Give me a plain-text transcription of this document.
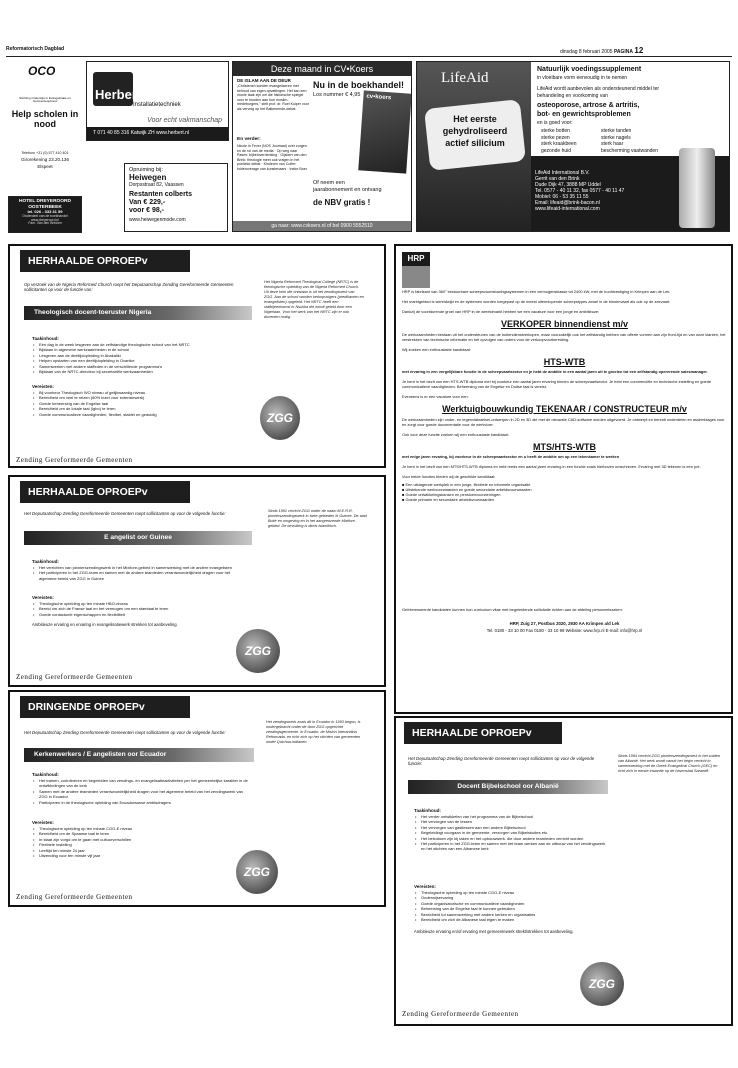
Reformatorisch Dagblad	dinsdag 8 februari 2005 PAGINA 12
OCO
Stichting Onderwijs in Evangelisatie en Gemeenteopbouw
Help scholen in nood
Telefoon +31 (0) 577 410 401
Girorekening 23.20.136
Elspeet
HOTEL DREYEROORD
OOSTERBEEK
tel. 026 - 333 31 59
Onderdeel van de boekhandel
www.dreyeroord.nl
Fam. Van den Brinken
Herbert
Installatietechniek
Voor echt vakmanschap
T 071 40 85 316 Katwijk ZH www.herbert.nl
Opruiming bij:
Heiwegen
Dorpsstraat 82, Vaassen
Restanten colberts
Van € 229,-
voor € 98,-
www.heiwegenmode.com
Deze maand in CV•Koers
DE ISLAM AAN DE DEUR
„Christenen konden evangeliseren met behoud van eigen opvattingen. Het kan een mooie taak zijn om die historische spiegel voor te houden aan hun moslim-medeburgers," stelt prof. dr. Roel Kuiper voor als vervolg op het Balkenende-debat.
En verder:
Nicole in Fever (NOS Journaal) over zorgen en de rol van de media · Op weg naar Pasen: bijbeloverdenking · Gijsbert van den Brink: theologie meet ook vragen in het publieke debat · Kinderen van Cuifer: folderoverage van kunstenaars · Ineke Boer
Nu in de boekhandel!
Los nummer € 4,95 cv•koers
Of neem een
jaarabonnement en ontvang
de NBV gratis !
ga naar: www.cvkoers.nl of bel 0900 5552510
LifeAid
Het eerste
gehydroliseerd
actief silicium
Natuurlijk voedingssupplement
in vloeibare vorm eenvoudig in te nemen
LifeAid wordt aanbevolen als ondersteunend middel ter
behandeling en voorkoming van
osteoporose, artrose & artritis,
bot- en gewrichtsproblemen
en is goed voor:
sterke botten	sterke tanden
sterke pezen	sterke nagels
sterk kraakbeen	sterk haar
gezonde huid	bescherming vaatwanden
LifeAid International B.V.
Gerrit van den Brink
Dude Dijk 47, 3888 MP Uddel
Tel. 0577 - 40 11 32, fax 0577 - 40 11 47
Mobiel: 06 - 53 35 11 55
Email: lifeaid@brink-bacon.nl
www.lifeaid-international.com
HRP

HRP is fabrikant van 360° bestuurbare scheepsvoortstuwingssystemen in een vermogensklasse tot 2400 kW, met de hoofdvestiging in Krimpen aan de Lek.

Het marktgebied is wereldwijd en de systemen worden toegepast op de meest uiteenlopende scheepstypes zowel in de binnenvaart als ook op de zeevaart.

Dankzij de voortdurende groei van HRP in de wereldmarkt hebben we een vacature voor een jonge en ambitieuze:

VERKOPER binnendienst m/v

De werkzaamheden bestaan uit het ondersteunen van de buitendienstverkopen, maar voorzakelijk ook het zelfstandig hebben van offerte vormen aan zijn front-tijd en van onze klanten, het verstrekken van technische informatie en het opvolgen van orders voor de verkoopvoorbereiding.

Wij zoeken een enthousiaste kandidaat:

HTS-WTB

met ervaring in een vergelijkbare functie in de scheepvaartsector en je hebt de ambitie in een aantal jaren uit te groeien tot een zelfstandig opererende salesmanager.

Je bent in het bezit van een HTS-WTB diploma met bij voorkeur een aantal jaren ervaring binnen de scheepvaartsector. Je hebt een commerciële en technische instelling en goede communicatieve vaardigheden. Beheersing van de Engelse en Duitse taal is vereist.

Eveneens is er een vacature voor een:

Werktuigbouwkundig TEKENAAR / CONSTRUCTEUR m/v

De werkzaamheden zijn onder- en tegenvlakstelsel-ontwerpen in 2D en 3D die met de nieuwste CAD-software worden uitgevoerd. Je ontwerpt en bereidt onderdelen en assemblages voor en zorgt voor goede documentatie voor de werkvloer.

Ook voor deze functie zoeken wij een enthousiaste kandidaat:

MTS/HTS-WTB

met enige jaren ervaring, bij voorkeur in de scheepvaartsector en u heeft de ambitie om op een tekenkamer te werken

Je bent in het bezit van een MTS/HTS-WTB diploma en hebt reeds een aantal jaren ervaring in een functie zoals hierboven omschreven. Ervaring met 3D tekenen is een pré.

Voor beide functies bieden wij de geschikte kandidaat:

■ Een uitdagende werkplek in een jonge, flexibele en informele organisatie
■ Uitstekende werkvoorwaarden en goede secundaire arbeidsvoorwaarden
■ Goede ontwikkelingskansen en pensioenvoorzieningen
■ Goede primaire en secundaire arbeidsvoorwaarden

Geïnteresseerde kandidaten kunnen hun curriculum vitae met begeleidende sollicitatie richten aan de afdeling personeelszaken:

HRP, Zuig 27, Postbus 2020, 2930 AA Krimpen a/d Lek
Tel. 0180 - 33 10 00 Fax 0180 - 33 10 99 Website: www.hrp.nl E-mail: info@hrp.nl
HERHAALDE OPROEPv
Op verzoek van de Nigeria Reformed Church roept het Deputaatschap Zending Gereformeerde Gemeenten sollicitanten op voor de functie van:
Theologisch docent-toeruster Nigeria
Taakinhoud:
• Eén dag in de week lesgeven aan de zelfstandige theologische school van het NRTC
• Bijstaan in algemene werkzaamheden in de school
• Lesgeven aan de deeltijdopleiding in Abakaliki
• Helpen opstarten van een deeltijdopleiding in Ovanike
• Samenwerken met andere staffeden in de verschillende programma's
• Bijstaan van de NRTC-directeur bij secretariële werkzaamheden
Vereisten:
• Bij voorkeur Theologisch WO niveau of gelijkwaardig niveau
• Bereidheid om veel te reizen (60% inzet voor extensiewerk)
• Goede beheersing van de Engelse taal
• Bereidheid om de lokale taal (Igbo) te leren
• Goede communicatieve vaardigheden, flexibel, stabiel en geduldig
Het Nigeria Reformed Theological College (NRTC) is de theologische opleiding van de Nigeria Reformed Church. Uit deze kerk die ontstaan is uit het zendingswerk van ZGG. Aan de school worden kerkopvolgers (predikanten en evangelisten) opgeleid. Het NRTC heeft een stafbijeenkomst in Nsukka die wordt geleid door een Nigeriaan. Voor het werk van het NRTC zijn er ook docenten nodig.
ZGG
Zending Gereformeerde Gemeenten
HERHAALDE OPROEPv
Het Deputaatschap Zending Gereformeerde Gemeenten roept sollicitanten op voor de volgende functie:
E angelist oor Guinee
Taakinhoud:
• Het verrichten van pionierszendingswerk in het Mixifore-gebied in samenwerking met de andere evangelisten
• Het participeren in het ZGG-team en samen met de andere teamleden verantwoordelijkheid dragen voor het algemene beleid van ZGG in Guinee
Vereisten:
• Theologische opleiding op ten minste HBO-niveau
• Bereid om zich de Franse taal en het vermogen om een stamtaal te leren
• Goede contactuele eigenschappen en flexibiliteit
Ambitieuze ervaring en ervaring in evangelisatiewerk strekken tot aanbeveling.
Sinds 1991 verricht ZGG onder de naam M.E.R.R. pionierszendingswerk in twee gebieden in Guinee. De stad Bokè en omgeving en in het aangrenzende Mixifore-gebied. De bevolking is deels islamitisch.
ZGG
Zending Gereformeerde Gemeenten
DRINGENDE OPROEPv
Het Deputaatschap Zending Gereformeerde Gemeenten roept sollicitanten op voor de volgende functie:
Kerkenwerkers / E angelisten oor Ecuador
Taakinhoud:
• Het trainen, coördineren en begeleiden van zendings- en evangelisatieactiviteiten per het gemeentelijke karakter in de ontwikkelingen van de kerk
• Samen met de andere teamleden verantwoordelijkheid dragen voor het algemene beleid van het zendingswerk van ZGG in Ecuador
• Participeren in de theologische opleiding van Ecuadoraanse ambtsdragers
Vereisten:
• Theologische opleiding op ten minste CGO-E niveau
• Bereidheid om de Spaanse taal te leren
• In staat zijn vorgd om te gaan met cultuurverschillen
• Flexibele instelling
• Leeftijd ten minste 24 jaar
• Uitzending voor ten minste vijf jaar
Het zendingswerk zoals dit in Ecuador in 1993 begon, is ondergebracht onder de door ZGG opgerichte zendingsgemeente. In Ecuador, de Misión Interandina Reformada, en richt zich op het stichten van gemeenten onder Quichua-indianen.
ZGG
Zending Gereformeerde Gemeenten
HERHAALDE OPROEPv
Het Deputaatschap Zending Gereformeerde Gemeenten roept sollicitanten op voor de volgende functie:
Docent Bijbelschool oor Albanië
Taakinhoud:
• Het verder ontwikkelen van het programma van de Bijbelschool
• Het verzorgen van de lessen
• Het verzorgen van gastlessen aan een andere Bijbelschool
• Begeleidingt voorgaan in de gemeente, verzorgen van Bijbelstudies etc.
• Het betrokken zijn bij taken en het opbouwwerk. die door andere teamleden verricht worden
• Het participeren in het ZGG-team en samen met het team werken aan de uitbouw van het zendingswerk en het stichten van een Albanese kerk
Vereisten:
• Theologische opleiding op ten minste CGO-E niveau
• Onderwijservaring
• Goede organisatorische en communicatieve vaardigheden
• Beheersing van de Engelse taal te kunnen gebruiken
• Bereidheid tot samenwerking met andere kerken en organisaties
• Bereidheid om zich de Albanese taal eigen te maken
Ambitieuze ervaring en/of ervaring met gemeentewerk strekt/strekken tot aanbeveling.
Sinds 1994 verricht ZGG pionierszendingswerk in het zuiden van Albanië. Het werk wordt vanuit het begin verricht in samenwerking met de Greek Evangelical Church (GEC) en richt zich in eerste instantie op de havenstad Sarandë.
ZGG
Zending Gereformeerde Gemeenten
